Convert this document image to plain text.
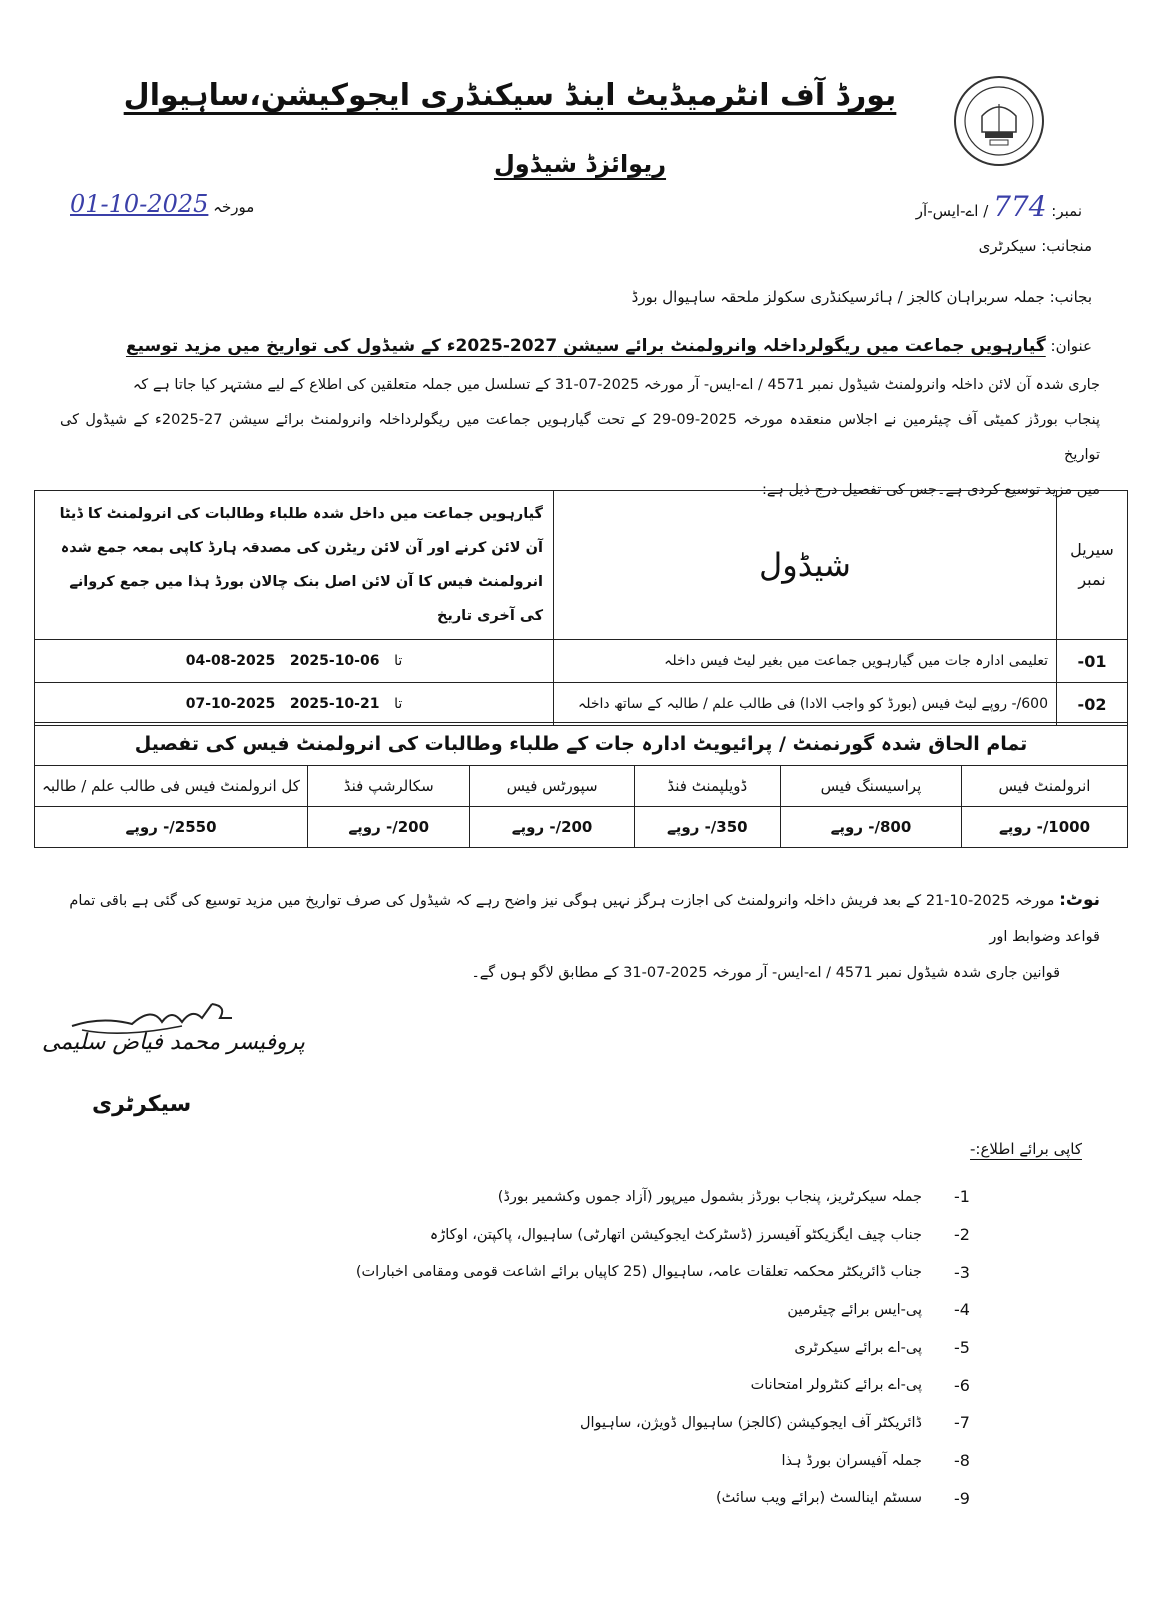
بورڈ آف انٹرمیڈیٹ اینڈ سیکنڈری ایجوکیشن،ساہیوال
ریوائزڈ شیڈول
نمبر: 774 / اے-ایس-آر
01-10-2025 مورخہ
منجانب: سیکرٹری
بجانب: جملہ سربراہان کالجز / ہائرسیکنڈری سکولز ملحقہ ساہیوال بورڈ
عنوان: گیارہویں جماعت میں ریگولرداخلہ وانرولمنٹ برائے سیشن 2027-2025ء کے شیڈول کی تواریخ میں مزید توسیع
جاری شدہ آن لائن داخلہ وانرولمنٹ شیڈول نمبر 4571 / اے-ایس- آر مورخہ 2025-07-31 کے تسلسل میں جملہ متعلقین کی اطلاع کے لیے مشتہر کیا جاتا ہے کہ
پنجاب بورڈز کمیٹی آف چیئرمین نے اجلاس منعقدہ مورخہ 2025-09-29 کے تحت گیارہویں جماعت میں ریگولرداخلہ وانرولمنٹ برائے سیشن 27-2025ء کے شیڈول کی تواریخ
میں مزید توسیع کردی ہے۔جس کی تفصیل درج ذیل ہے:
سیریل نمبر	شیڈول	گیارہویں جماعت میں داخل شدہ طلباء وطالبات کی انرولمنٹ کا ڈیٹا آن لائن کرنے اور آن لائن ریٹرن کی مصدقہ ہارڈ کاپی بمعہ جمع شدہ انرولمنٹ فیس کا آن لائن اصل بنک چالان بورڈ ہذا میں جمع کروانے کی آخری تاریخ
01-	تعلیمی ادارہ جات میں گیارہویں جماعت میں بغیر لیٹ فیس داخلہ	04-08-2025 تا   06-10-2025
02-	600/- روپے لیٹ فیس (بورڈ کو واجب الادا) فی طالب علم / طالبہ کے ساتھ داخلہ	07-10-2025 تا   21-10-2025
تمام الحاق شدہ گورنمنٹ / پرائیویٹ ادارہ جات کے طلباء وطالبات کی انرولمنٹ فیس کی تفصیل
انرولمنٹ فیس	پراسیسنگ فیس	ڈویلپمنٹ فنڈ	سپورٹس فیس	سکالرشپ فنڈ	کل انرولمنٹ فیس فی طالب علم / طالبہ
1000/- روپے	800/- روپے	350/- روپے	200/- روپے	200/- روپے	2550/- روپے
نوٹ: مورخہ 2025-10-21 کے بعد فریش داخلہ وانرولمنٹ کی اجازت ہرگز نہیں ہوگی نیز واضح رہے کہ شیڈول کی صرف تواریخ میں مزید توسیع کی گئی ہے باقی تمام قواعد وضوابط اور
قوانین جاری شدہ شیڈول نمبر 4571 / اے-ایس- آر مورخہ 2025-07-31 کے مطابق لاگو ہوں گے۔
پروفیسر محمد فیاض سلیمی
سیکرٹری
کاپی برائے اطلاع:-
-1
جملہ سیکرٹریز، پنجاب بورڈز بشمول میرپور (آزاد جموں وکشمیر بورڈ)
-2
جناب چیف ایگزیکٹو آفیسرز (ڈسٹرکٹ ایجوکیشن اتھارٹی) ساہیوال، پاکپتن، اوکاڑہ
-3
جناب ڈائریکٹر محکمہ تعلقات عامہ، ساہیوال (25 کاپیاں برائے اشاعت قومی ومقامی اخبارات)
-4
پی-ایس برائے چیئرمین
-5
پی-اے برائے سیکرٹری
-6
پی-اے برائے کنٹرولر امتحانات
-7
ڈائریکٹر آف ایجوکیشن (کالجز) ساہیوال ڈویژن، ساہیوال
-8
جملہ آفیسران بورڈ ہذا
-9
سسٹم اینالسٹ (برائے ویب سائٹ)
